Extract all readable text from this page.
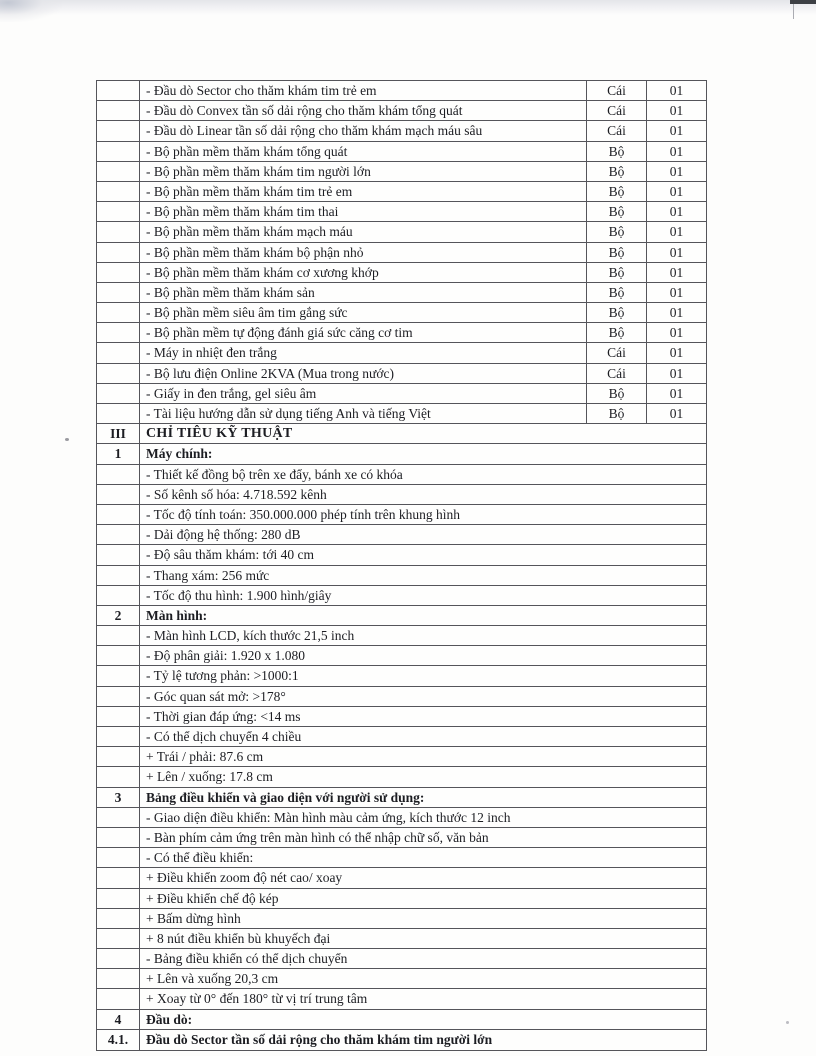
- Đầu dò Sector cho thăm khám tim trẻ em	Cái	01
- Đầu dò Convex tần số dải rộng cho thăm khám tổng quát	Cái	01
- Đầu dò Linear tần số dải rộng cho thăm khám mạch máu sâu	Cái	01
- Bộ phần mềm thăm khám tổng quát	Bộ	01
- Bộ phần mềm thăm khám tim người lớn	Bộ	01
- Bộ phần mềm thăm khám tim trẻ em	Bộ	01
- Bộ phần mềm thăm khám tim thai	Bộ	01
- Bộ phần mềm thăm khám mạch máu	Bộ	01
- Bộ phần mềm thăm khám bộ phận nhỏ	Bộ	01
- Bộ phần mềm thăm khám cơ xương khớp	Bộ	01
- Bộ phần mềm thăm khám sản	Bộ	01
- Bộ phần mềm siêu âm tim gắng sức	Bộ	01
- Bộ phần mềm tự động đánh giá sức căng cơ tim	Bộ	01
- Máy in nhiệt đen trắng	Cái	01
- Bộ lưu điện Online 2KVA (Mua trong nước)	Cái	01
- Giấy in đen trắng, gel siêu âm	Bộ	01
- Tài liệu hướng dẫn sử dụng tiếng Anh và tiếng Việt	Bộ	01
III	CHỈ TIÊU KỸ THUẬT
1	Máy chính:
- Thiết kế đồng bộ trên xe đẩy, bánh xe có khóa
- Số kênh số hóa: 4.718.592 kênh
- Tốc độ tính toán: 350.000.000 phép tính trên khung hình
- Dải động hệ thống: 280 dB
- Độ sâu thăm khám: tới 40 cm
- Thang xám: 256 mức
- Tốc độ thu hình: 1.900 hình/giây
2	Màn hình:
- Màn hình LCD, kích thước 21,5 inch
- Độ phân giải: 1.920 x 1.080
- Tỷ lệ tương phản: >1000:1
- Góc quan sát mở: >178°
- Thời gian đáp ứng: <14 ms
- Có thể dịch chuyển 4 chiều
+ Trái / phải: 87.6 cm
+ Lên / xuống: 17.8 cm
3	Bảng điều khiển và giao diện với người sử dụng:
- Giao diện điều khiển: Màn hình màu cảm ứng, kích thước 12 inch
- Bàn phím cảm ứng trên màn hình có thể nhập chữ số, văn bản
- Có thể điều khiển:
+ Điều khiển zoom độ nét cao/ xoay
+ Điều khiển chế độ kép
+ Bấm dừng hình
+ 8 nút điều khiển bù khuyếch đại
- Bảng điều khiển có thể dịch chuyển
+ Lên và xuống 20,3 cm
+ Xoay từ 0° đến 180° từ vị trí trung tâm
4	Đầu dò:
4.1.	Đầu dò Sector tần số dải rộng cho thăm khám tim người lớn
